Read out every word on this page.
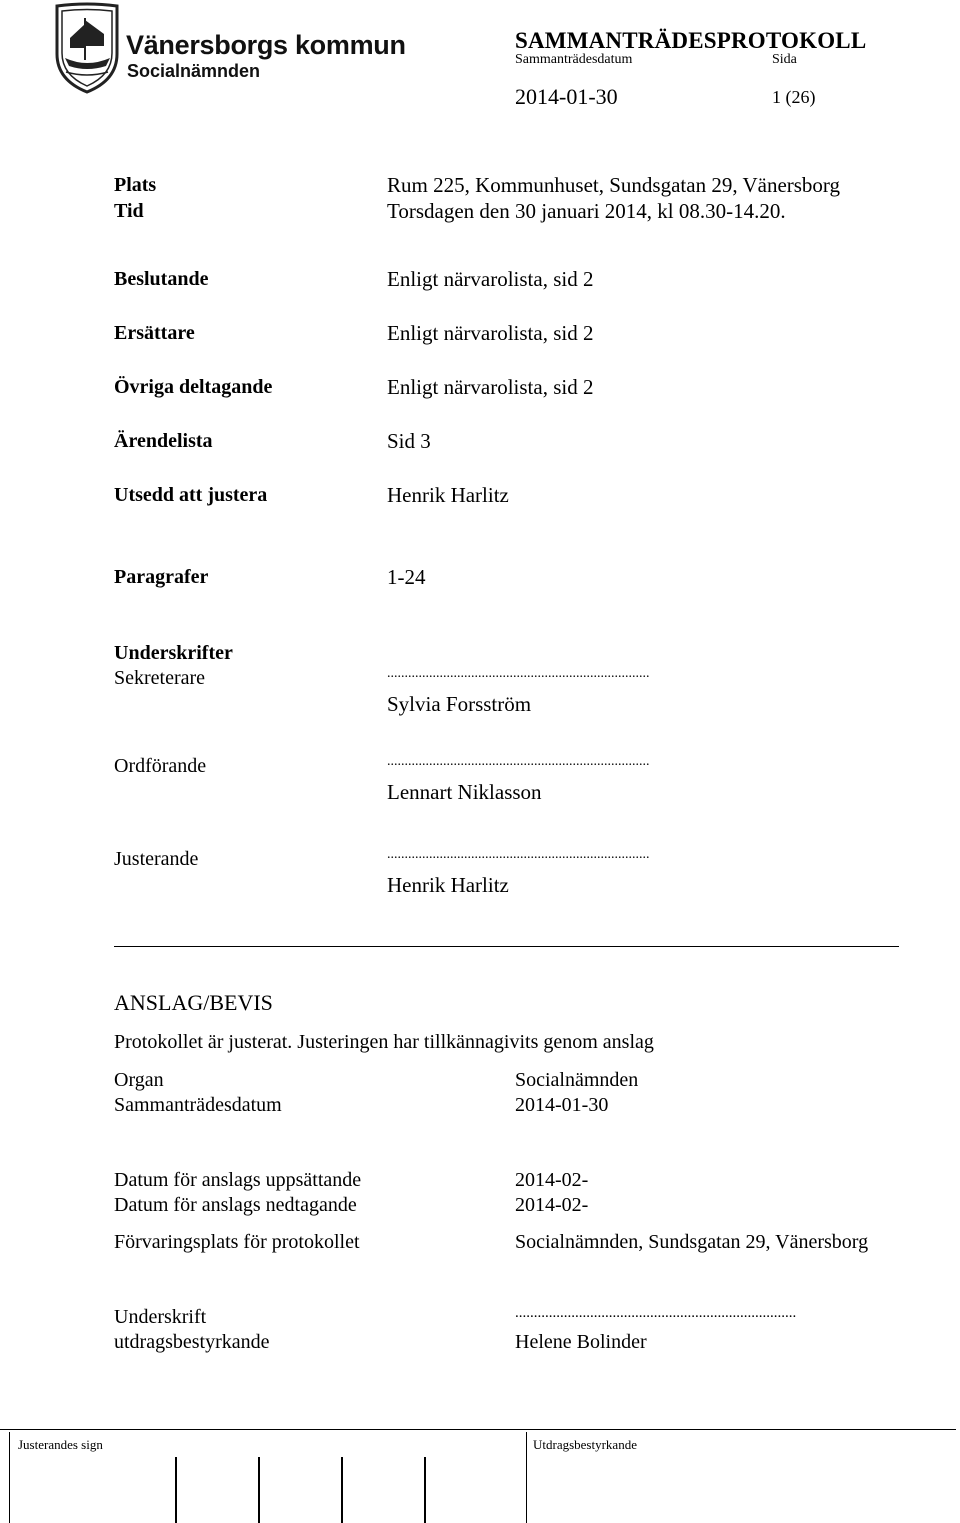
Vänersborgs kommun
Socialnämnden
SAMMANTRÄDESPROTOKOLL
Sammanträdesdatum	Sida
2014-01-30	1 (26)
Plats	Rum 225, Kommunhuset, Sundsgatan 29, Vänersborg
Tid	Torsdagen den 30 januari 2014, kl 08.30-14.20.
Beslutande	Enligt närvarolista, sid 2
Ersättare	Enligt närvarolista, sid 2
Övriga deltagande	Enligt närvarolista, sid 2
Ärendelista	Sid 3
Utsedd att justera	Henrik Harlitz
Paragrafer	1-24
Underskrifter
Sekreterare	...........................................................................
Sylvia Forsström
Ordförande	...........................................................................
Lennart Niklasson
Justerande	...........................................................................
Henrik Harlitz
ANSLAG/BEVIS
Protokollet är justerat. Justeringen har tillkännagivits genom anslag
Organ	Socialnämnden
Sammanträdesdatum	2014-01-30
Datum för anslags uppsättande	2014-02-
Datum för anslags nedtagande	2014-02-
Förvaringsplats för protokollet	Socialnämnden, Sundsgatan 29, Vänersborg
Underskrift
utdragsbestyrkande
...........................................................................
Helene Bolinder
Justerandes sign	Utdragsbestyrkande
